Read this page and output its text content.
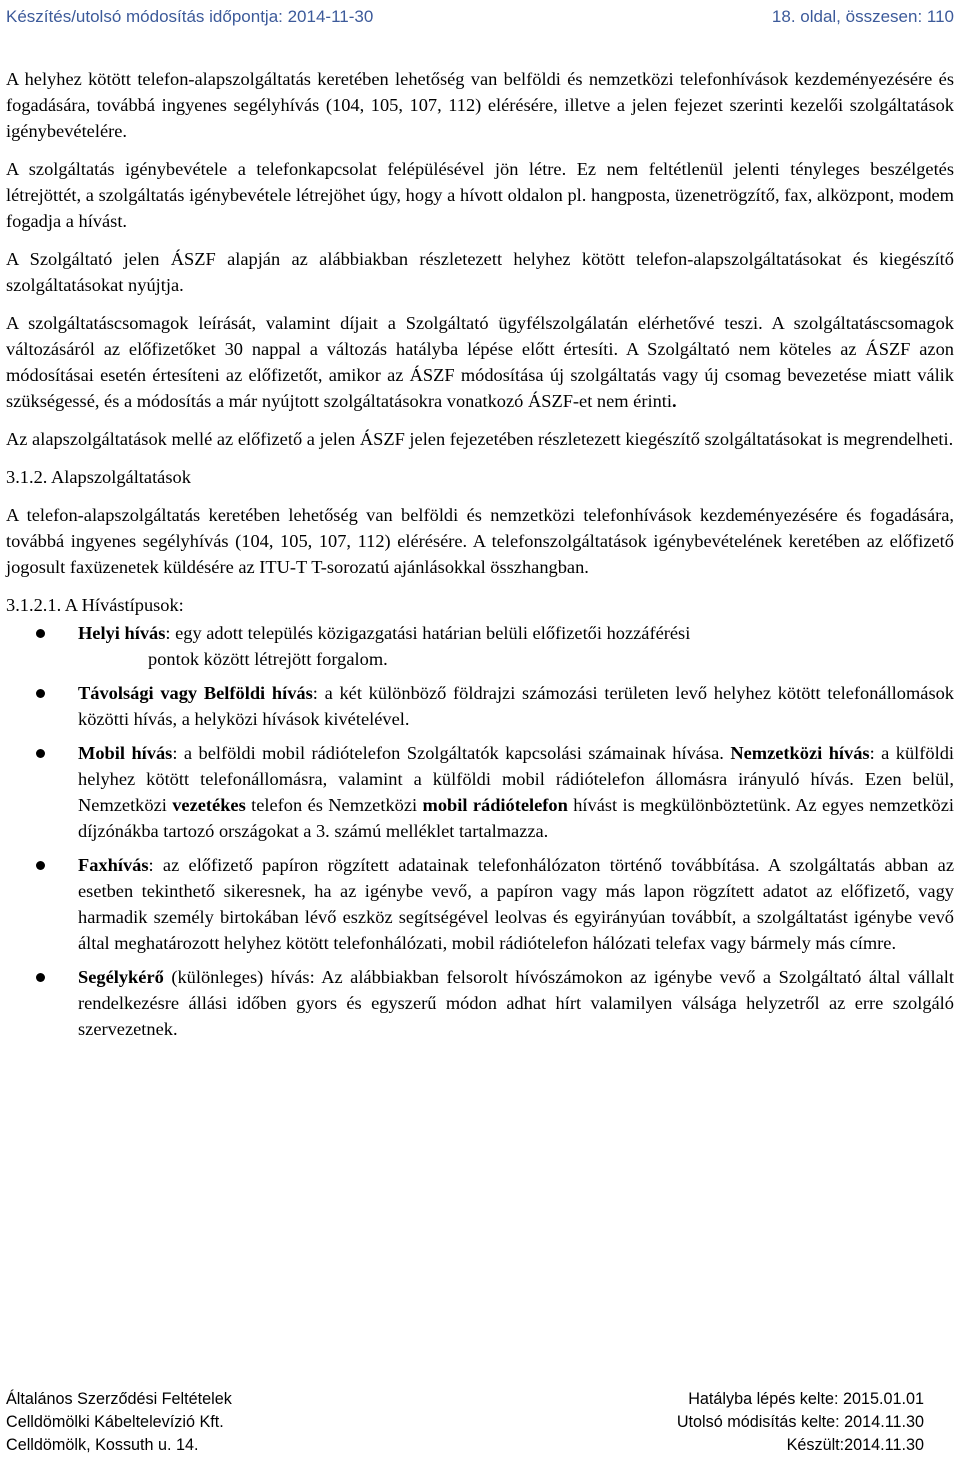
Készítés/utolsó módosítás időpontja: 2014-11-30	18. oldal, összesen: 110

A helyhez kötött telefon-alapszolgáltatás keretében lehetőség van belföldi és nemzetközi telefonhívások kezdeményezésére és fogadására, továbbá ingyenes segélyhívás (104, 105, 107, 112) elérésére, illetve a jelen fejezet szerinti kezelői szolgáltatások igénybevételére.

A szolgáltatás igénybevétele a telefonkapcsolat felépülésével jön létre. Ez nem feltétlenül jelenti tényleges beszélgetés létrejöttét, a szolgáltatás igénybevétele létrejöhet úgy, hogy a hívott oldalon pl. hangposta, üzenetrögzítő, fax, alközpont, modem fogadja a hívást.

A Szolgáltató jelen ÁSZF alapján az alábbiakban részletezett helyhez kötött telefon-alapszolgáltatásokat és kiegészítő szolgáltatásokat nyújtja.

A szolgáltatáscsomagok leírását, valamint díjait a Szolgáltató ügyfélszolgálatán elérhetővé teszi. A szolgáltatáscsomagok változásáról az előfizetőket 30 nappal a változás hatályba lépése előtt értesíti. A Szolgáltató nem köteles az ÁSZF azon módosításai esetén értesíteni az előfizetőt, amikor az ÁSZF módosítása új szolgáltatás vagy új csomag bevezetése miatt válik szükségessé, és a módosítás a már nyújtott szolgáltatásokra vonatkozó ÁSZF-et nem érinti.

Az alapszolgáltatások mellé az előfizető a jelen ÁSZF jelen fejezetében részletezett kiegészítő szolgáltatásokat is megrendelheti.

3.1.2. Alapszolgáltatások

A telefon-alapszolgáltatás keretében lehetőség van belföldi és nemzetközi telefonhívások kezdeményezésére és fogadására, továbbá ingyenes segélyhívás (104, 105, 107, 112) elérésére. A telefonszolgáltatások igénybevételének keretében az előfizető jogosult faxüzenetek küldésére az ITU-T T-sorozatú ajánlásokkal összhangban.

3.1.2.1. A Hívástípusok:

Helyi hívás: egy adott település közigazgatási határian belüli előfizetői hozzáférési
pontok között létrejött forgalom.
Távolsági vagy Belföldi hívás: a két különböző földrajzi számozási területen levő helyhez kötött telefonállomások közötti hívás, a helyközi hívások kivételével.
Mobil hívás: a belföldi mobil rádiótelefon Szolgáltatók kapcsolási számainak hívása. Nemzetközi hívás: a külföldi helyhez kötött telefonállomásra, valamint a külföldi mobil rádiótelefon állomásra irányuló hívás. Ezen belül, Nemzetközi vezetékes telefon és Nemzetközi mobil rádiótelefon hívást is megkülönböztetünk. Az egyes nemzetközi díjzónákba tartozó országokat a 3. számú melléklet tartalmazza.
Faxhívás: az előfizető papíron rögzített adatainak telefonhálózaton történő továbbítása. A szolgáltatás abban az esetben tekinthető sikeresnek, ha az igénybe vevő, a papíron vagy más lapon rögzített adatot az előfizető, vagy harmadik személy birtokában lévő eszköz segítségével leolvas és egyirányúan továbbít, a szolgáltatást igénybe vevő által meghatározott helyhez kötött telefonhálózati, mobil rádiótelefon hálózati telefax vagy bármely más címre.
Segélykérő (különleges) hívás: Az alábbiakban felsorolt hívószámokon az igénybe vevő a Szolgáltató által vállalt rendelkezésre állási időben gyors és egyszerű módon adhat hírt valamilyen válsága helyzetről az erre szolgáló szervezetnek.
Általános Szerződési Feltételek
Celldömölki Kábeltelevízió Kft.
Celldömölk, Kossuth u. 14.
Hatályba lépés kelte: 2015.01.01
Utolsó módisítás kelte: 2014.11.30
Készült:2014.11.30
